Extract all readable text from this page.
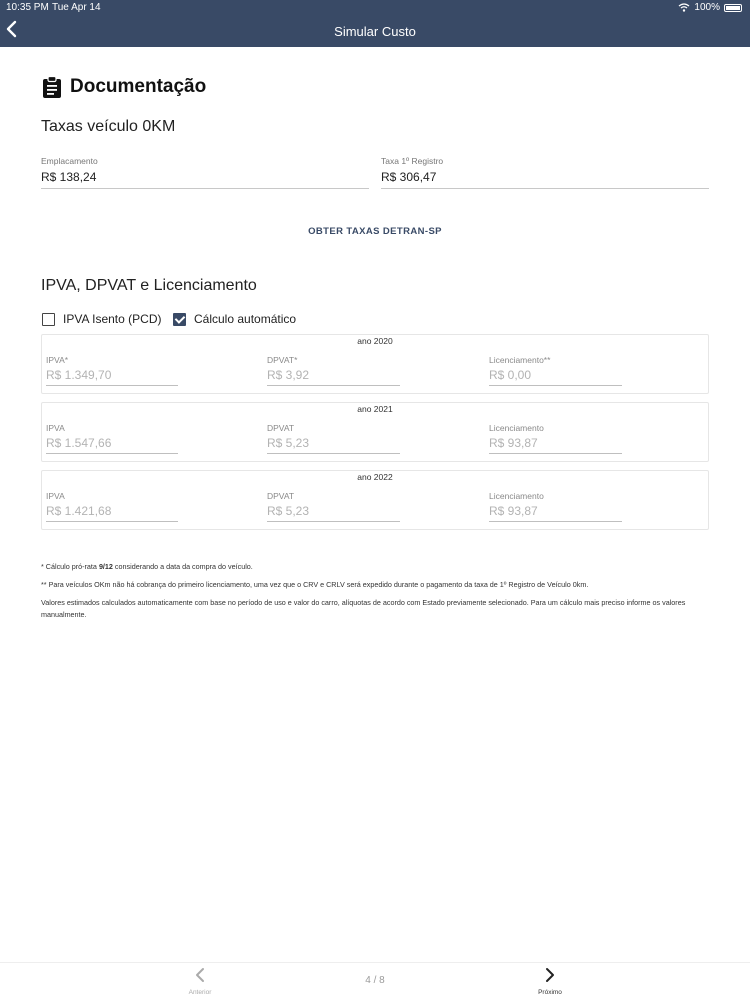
10:35 PM Tue Apr 14	100%
Simular Custo
Documentação
Taxas veículo 0KM
Emplacamento
R$ 138,24
Taxa 1º Registro
R$ 306,47
OBTER TAXAS DETRAN-SP
IPVA, DPVAT e Licenciamento
IPVA Isento (PCD)	Cálculo automático
ano 2020
IPVA*
R$ 1.349,70
DPVAT*
R$ 3,92
Licenciamento**
R$ 0,00
ano 2021
IPVA
R$ 1.547,66
DPVAT
R$ 5,23
Licenciamento
R$ 93,87
ano 2022
IPVA
R$ 1.421,68
DPVAT
R$ 5,23
Licenciamento
R$ 93,87
* Cálculo pró-rata 9/12 considerando a data da compra do veículo.
** Para veículos OKm não há cobrança do primeiro licenciamento, uma vez que o CRV e CRLV será expedido durante o pagamento da taxa de 1º Registro de Veículo 0km.
Valores estimados calculados automaticamente com base no período de uso e valor do carro, alíquotas de acordo com Estado previamente selecionado. Para um cálculo mais preciso informe os valores manualmente.
Anterior
4 / 8
Próximo
